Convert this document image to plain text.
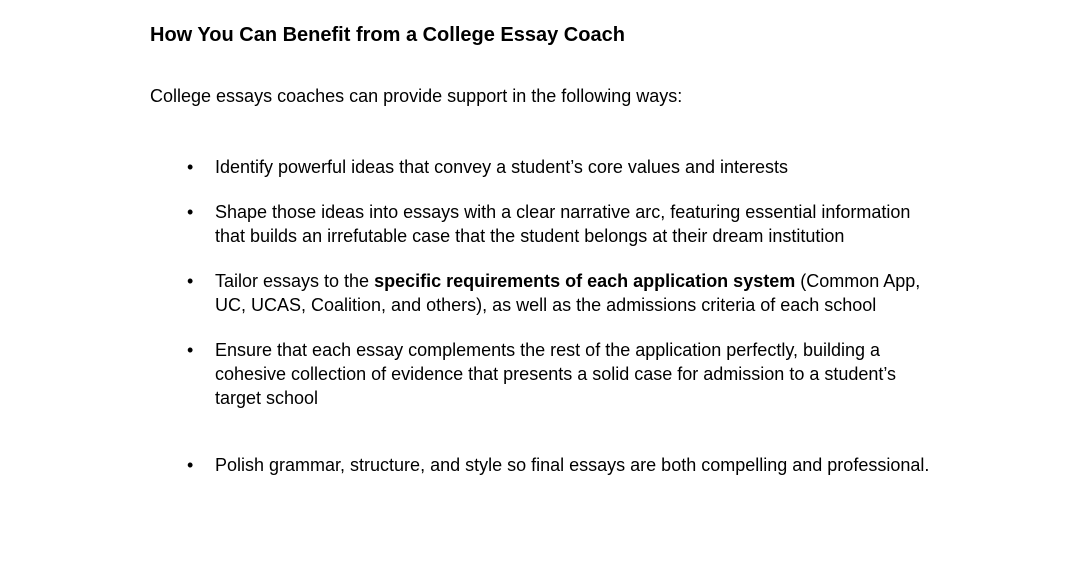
How You Can Benefit from a College Essay Coach

College essays coaches can provide support in the following ways:

• Identify powerful ideas that convey a student’s core values and interests
• Shape those ideas into essays with a clear narrative arc, featuring essential information that builds an irrefutable case that the student belongs at their dream institution
• Tailor essays to the specific requirements of each application system (Common App, UC, UCAS, Coalition, and others), as well as the admissions criteria of each school
• Ensure that each essay complements the rest of the application perfectly, building a cohesive collection of evidence that presents a solid case for admission to a student’s target school
• Polish grammar, structure, and style so final essays are both compelling and professional.
